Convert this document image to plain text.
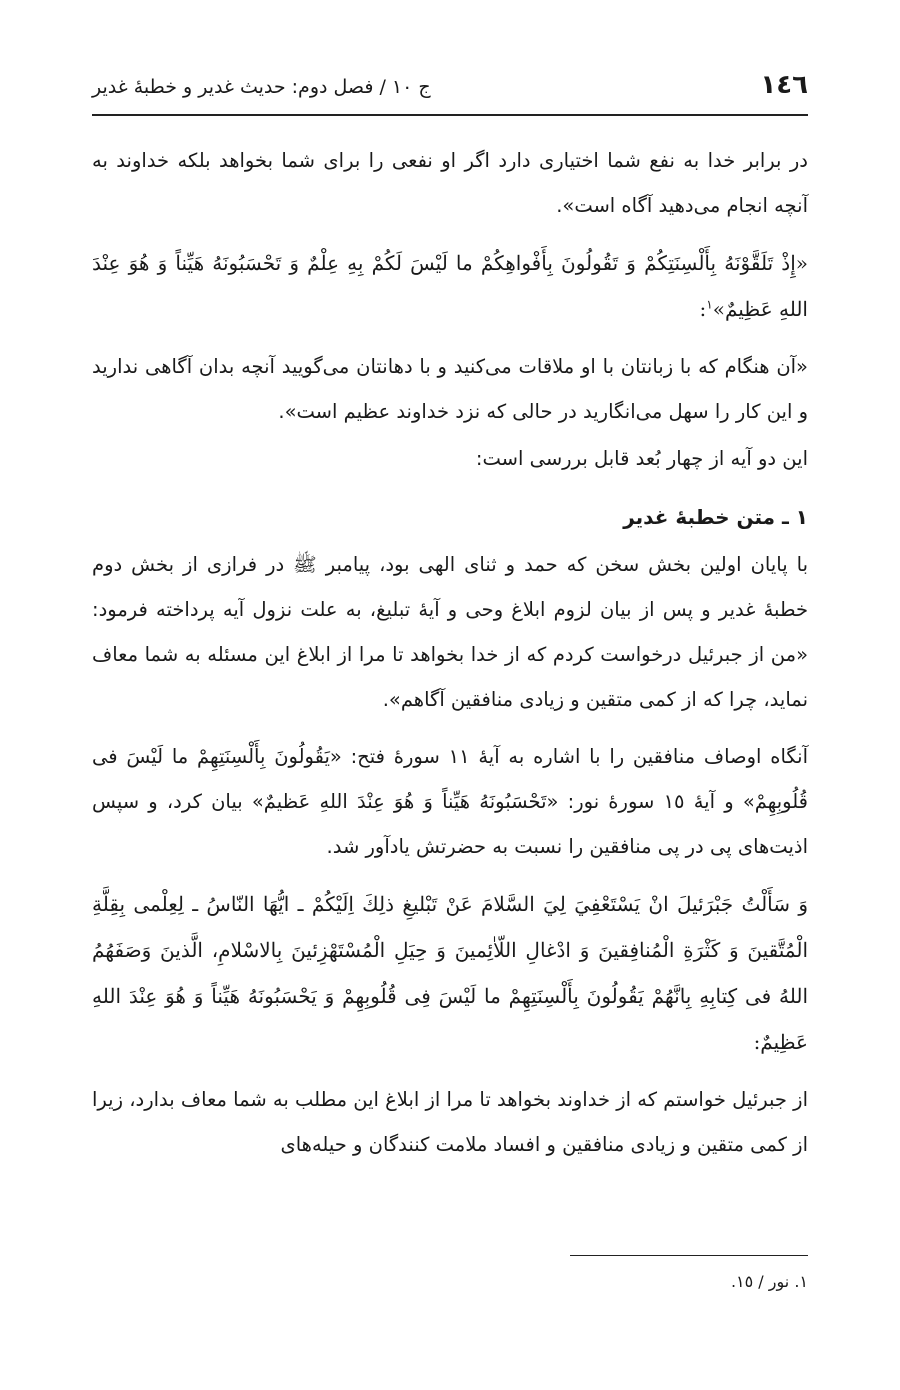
١٤٦
ج ١٠ / فصل دوم: حديث غدير و خطبهٔ غدير

در برابر خدا به نفع شما اختياری دارد اگر او نفعی را برای شما بخواهد بلكه خداوند به آنچه انجام می‌دهيد آگاه است».

«إِذْ تَلَقَّوْنَهُ بِأَلْسِنَتِكُمْ وَ تَقُولُونَ بِأَفْواهِكُمْ ما لَيْسَ لَكُمْ بِهِ عِلْمٌ وَ تَحْسَبُونَهُ هَيِّناً وَ هُوَ عِنْدَ اللهِ عَظِيمٌ»$^١$:

«آن هنگام كه با زبانتان با او ملاقات می‌كنيد و با دهانتان می‌گوييد آنچه بدان آگاهی نداريد و اين كار را سهل می‌انگاريد در حالی كه نزد خداوند عظيم است».

اين دو آيه از چهار بُعد قابل بررسی است:

١ ـ متن خطبهٔ غدير

با پايان اولين بخش سخن كه حمد و ثنای الهی بود، پيامبر ﷺ در فرازی از بخش دوم خطبهٔ غدير و پس از بيان لزوم ابلاغ وحی و آيهٔ تبليغ، به علت نزول آيه پرداخته فرمود: «من از جبرئيل درخواست كردم كه از خدا بخواهد تا مرا از ابلاغ اين مسئله به شما معاف نمايد، چرا كه از كمی متقين و زيادی منافقين آگاهم».

آنگاه اوصاف منافقين را با اشاره به آيهٔ ١١ سورهٔ فتح: «يَقُولُونَ بِأَلْسِنَتِهِمْ ما لَيْسَ فی قُلُوبِهِمْ» و آيهٔ ١٥ سورهٔ نور: «تَحْسَبُونَهُ هَيِّناً وَ هُوَ عِنْدَ اللهِ عَظيمٌ» بيان كرد، و سپس اذيت‌های پی در پی منافقين را نسبت به حضرتش يادآور شد.

وَ سَأَلْتُ جَبْرَئيلَ انْ يَسْتَعْفِيَ لِيَ السَّلامَ عَنْ تَبْليغِ ذلِكَ اِلَيْكُمْ ـ ايُّهَا النّاسُ ـ لِعِلْمی بِقِلَّةِ الْمُتَّقينَ وَ كَثْرَةِ الْمُنافِقينَ وَ ادْغالِ اللّاٰئِمينَ وَ حِيَلِ الْمُسْتَهْزِئينَ بِالاسْلامِ، الَّذينَ وَصَفَهُمُ اللهُ فی كِتابِهِ بِانَّهُمْ يَقُولُونَ بِأَلْسِنَتِهِمْ ما لَيْسَ فِی قُلُوبِهِمْ وَ يَحْسَبُونَهُ هَيِّناً وَ هُوَ عِنْدَ اللهِ عَظِيمٌ:

از جبرئيل خواستم كه از خداوند بخواهد تا مرا از ابلاغ اين مطلب به شما معاف بدارد، زيرا از كمی متقين و زيادی منافقين و افساد ملامت كنندگان و حيله‌های

١. نور / ١٥.
